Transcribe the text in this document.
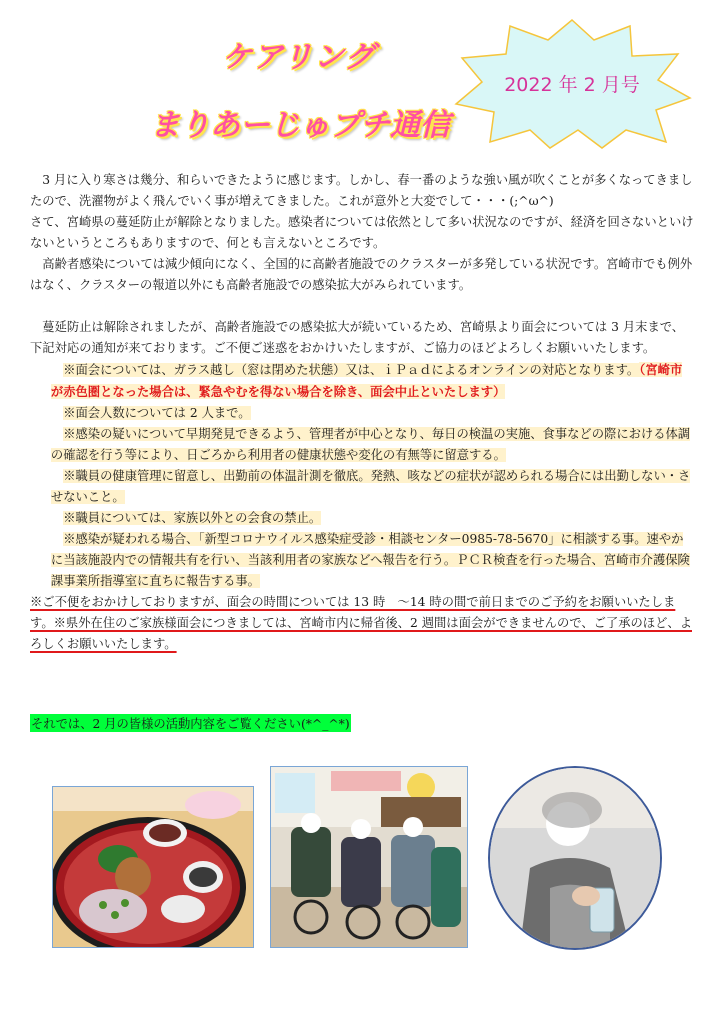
ケアリング
まりあーじゅプチ通信
2022 年 2 月号

3 月に入り寒さは幾分、和らいできたように感じます。しかし、春一番のような強い風が吹くことが多くなってきましたので、洗濯物がよく飛んでいく事が増えてきました。これが意外と大変でして・・・(;^ω^)

さて、宮崎県の蔓延防止が解除となりました。感染者については依然として多い状況なのですが、経済を回さないといけないというところもありますので、何とも言えないところです。

高齢者感染については減少傾向になく、全国的に高齢者施設でのクラスターが多発している状況です。宮崎市でも例外はなく、クラスターの報道以外にも高齢者施設での感染拡大がみられています。

蔓延防止は解除されましたが、高齢者施設での感染拡大が続いているため、宮崎県より面会については 3 月末まで、下記対応の通知が来ております。ご不便ご迷惑をおかけいたしますが、ご協力のほどよろしくお願いいたします。

※面会については、ガラス越し（窓は閉めた状態）又は、ｉＰａｄによるオンラインの対応となります。（宮崎市が赤色圏となった場合は、緊急やむを得ない場合を除き、面会中止といたします）

※面会人数については 2 人まで。

※感染の疑いについて早期発見できるよう、管理者が中心となり、毎日の検温の実施、食事などの際における体調の確認を行う等により、日ごろから利用者の健康状態や変化の有無等に留意する。

※職員の健康管理に留意し、出勤前の体温計測を徹底。発熱、咳などの症状が認められる場合には出勤しない・させないこと。

※職員については、家族以外との会食の禁止。

※感染が疑われる場合、「新型コロナウイルス感染症受診・相談センター0985-78-5670」に相談する事。速やかに当該施設内での情報共有を行い、当該利用者の家族などへ報告を行う。ＰＣＲ検査を行った場合、宮崎市介護保険課事業所指導室に直ちに報告する事。

※ご不便をおかけしておりますが、面会の時間については 13 時　～14 時の間で前日までのご予約をお願いいたします。※県外在住のご家族様面会につきましては、宮崎市内に帰省後、2 週間は面会ができませんので、ご了承のほど、よろしくお願いいたします。

それでは、2 月の皆様の活動内容をご覧ください(*^_^*)
